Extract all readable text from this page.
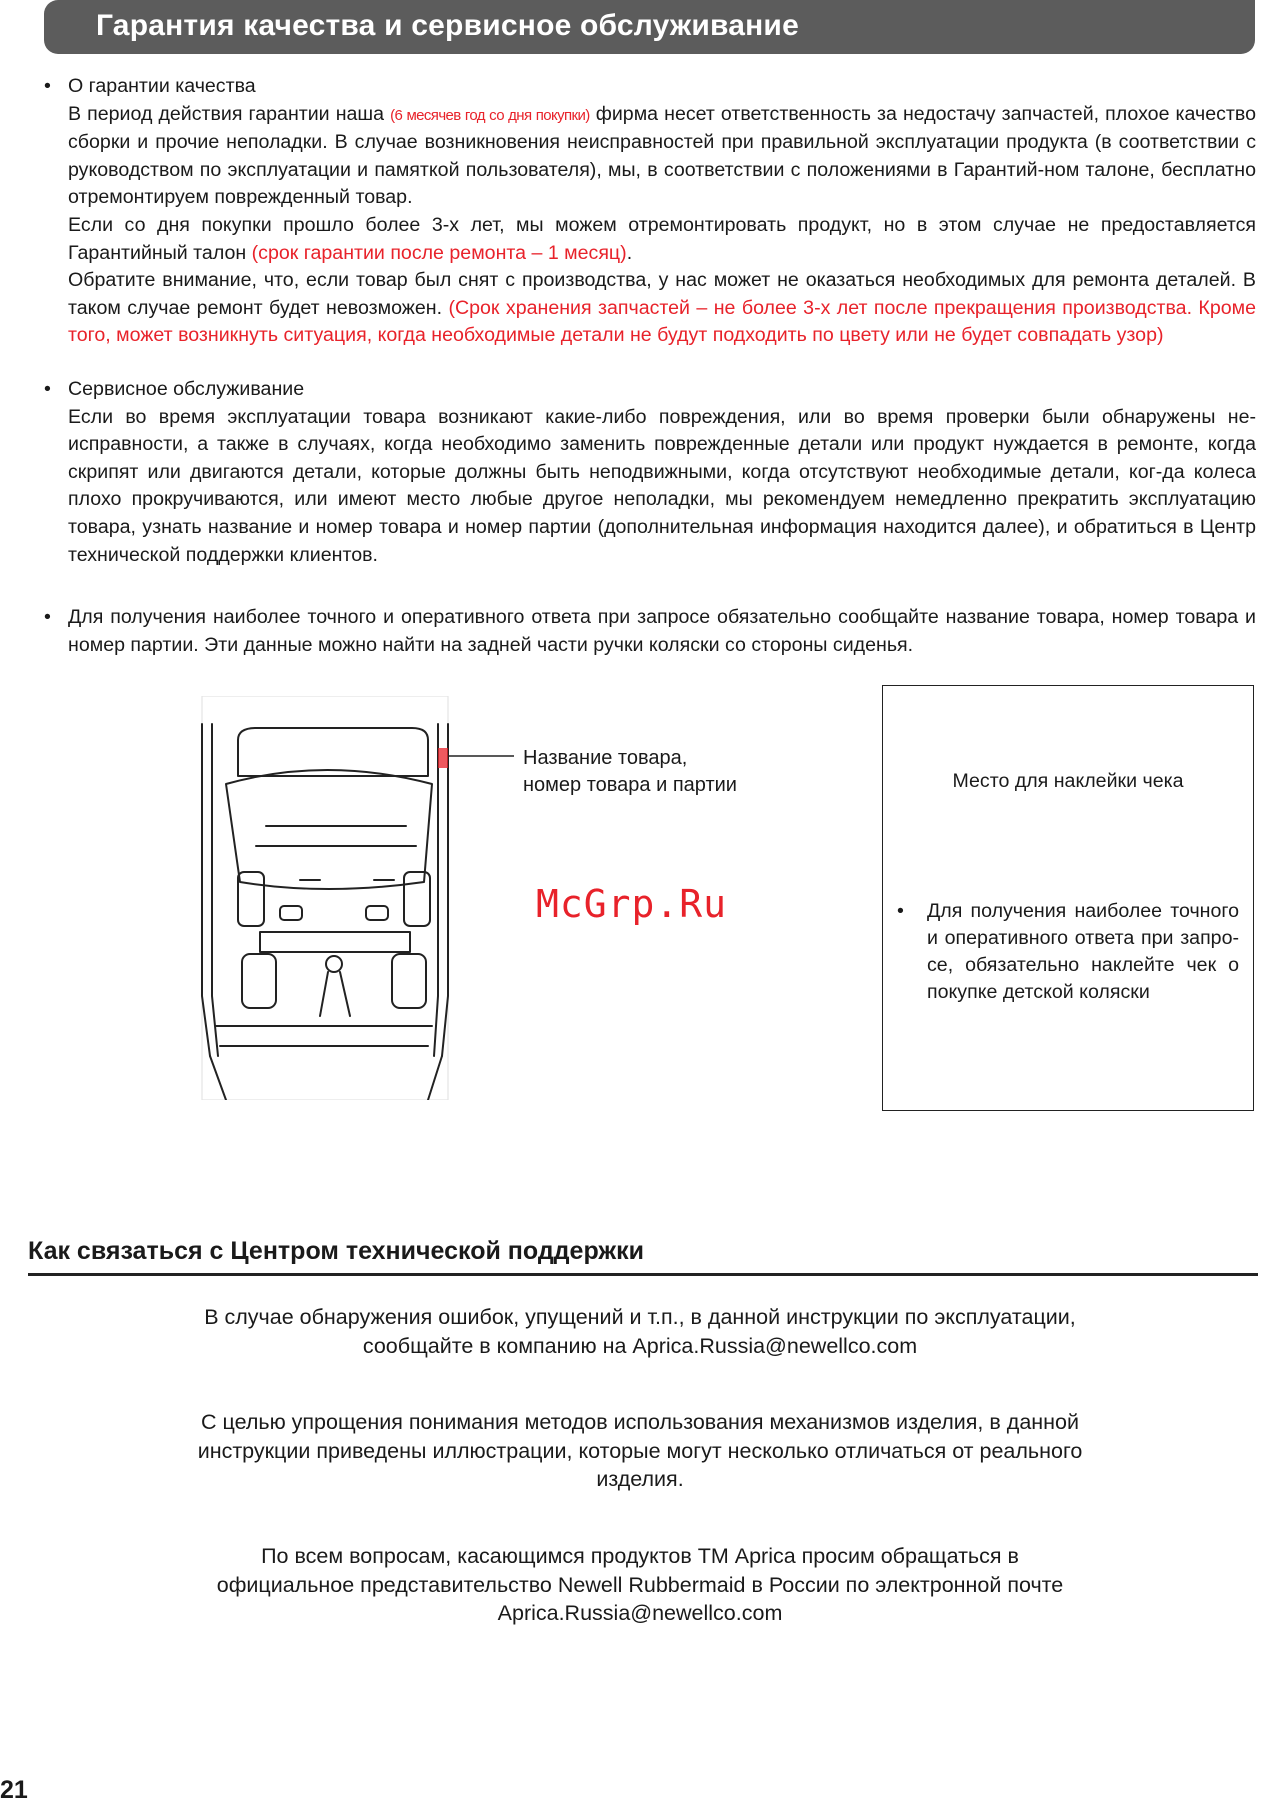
Гарантия качества и сервисное обслуживание
• О гарантии качества

В период действия гарантии наша (6 месячев год со дня покупки) фирма несет ответственность за недостачу запчастей, плохое качество сборки и прочие неполадки. В случае возникновения неисправностей при правильной эксплуатации продукта (в соответствии с руководством по эксплуатации и памяткой пользователя), мы, в соответствии с положениями в Гарантий-ном талоне, бесплатно отремонтируем поврежденный товар.

Если со дня покупки прошло более 3-х лет, мы можем отремонтировать продукт, но в этом случае не предоставляется Гарантийный талон (срок гарантии после ремонта – 1 месяц).

Обратите внимание, что, если товар был снят с производства, у нас может не оказаться необходимых для ремонта деталей. В таком случае ремонт будет невозможен. (Срок хранения запчастей – не более 3-х лет после прекращения производства. Кроме того, может возникнуть ситуация, когда необходимые детали не будут подходить по цвету или не будет совпадать узор)

• Сервисное обслуживание

Если во время эксплуатации товара возникают какие-либо повреждения, или во время проверки были обнаружены не-исправности, а также в случаях, когда необходимо заменить поврежденные детали или продукт нуждается в ремонте, когда скрипят или двигаются детали, которые должны быть неподвижными, когда отсутствуют необходимые детали, ког-да колеса плохо прокручиваются, или имеют место любые другое неполадки, мы рекомендуем немедленно прекратить эксплуатацию товара, узнать название и номер товара и номер партии (дополнительная информация находится далее), и обратиться в Центр технической поддержки клиентов.

• Для получения наиболее точного и оперативного ответа при запросе обязательно сообщайте название товара, номер товара и номер партии. Эти данные можно найти на задней части ручки коляски со стороны сиденья.

Название товара,
номер товара и партии

McGrp.Ru

Место для наклейки чека

• Для получения наиболее точного и оперативного ответа при запро-се, обязательно наклейте чек о покупке детской коляски
Как связаться с Центром технической поддержки
В случае обнаружения ошибок, упущений и т.п., в данной инструкции по эксплуатации,
сообщайте в компанию на Aprica.Russia@newellco.com
С целью упрощения понимания методов использования механизмов изделия, в данной
инструкции приведены иллюстрации, которые могут несколько отличаться от реального
изделия.
По всем вопросам, касающимся продуктов ТМ Aprica просим обращаться в
официальное представительство Newell Rubbermaid в России по электронной почте
Aprica.Russia@newellco.com

21
